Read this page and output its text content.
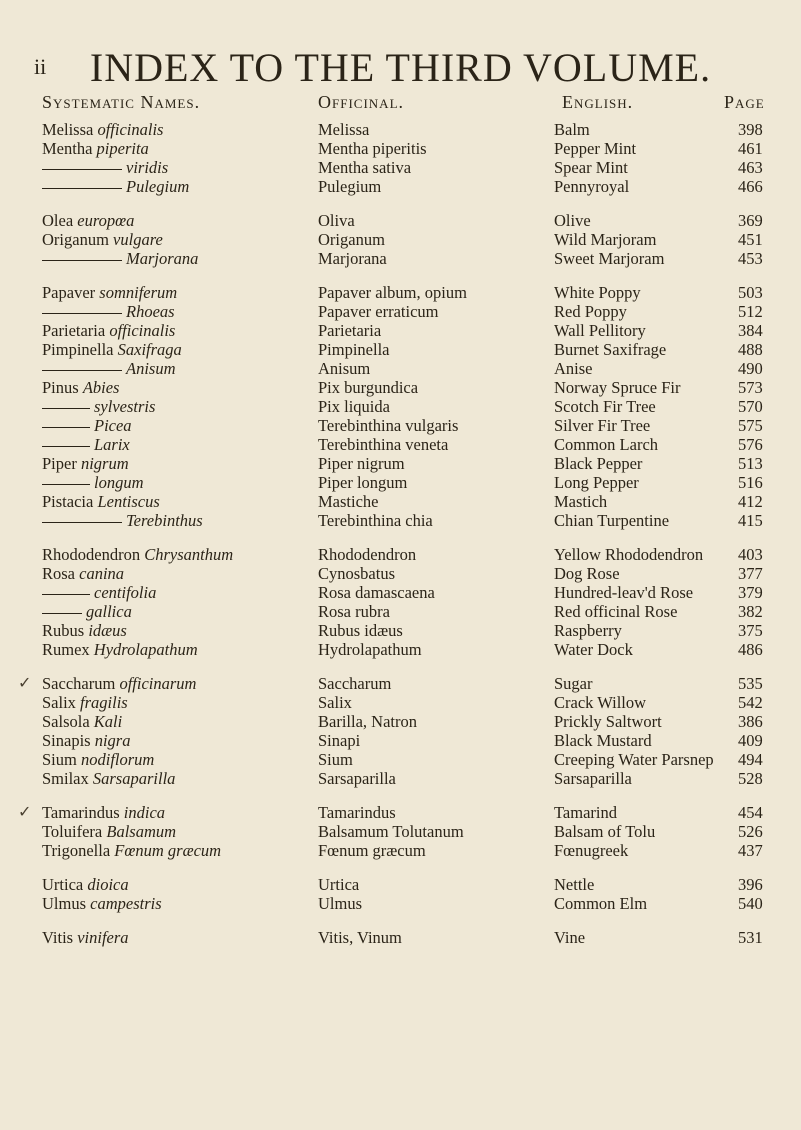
ii	INDEX TO THE THIRD VOLUME.
Systematic Names.	Officinal.	English.	Page
Melissa officinalis	Melissa	Balm	398
Mentha piperita	Mentha piperitis	Pepper Mint	461
viridis	Mentha sativa	Spear Mint	463
Pulegium	Pulegium	Pennyroyal	466
Olea europœa	Oliva	Olive	369
Origanum vulgare	Origanum	Wild Marjoram	451
Marjorana	Marjorana	Sweet Marjoram	453
Papaver somniferum	Papaver album, opium	White Poppy	503
Rhoeas	Papaver erraticum	Red Poppy	512
Parietaria officinalis	Parietaria	Wall Pellitory	384
Pimpinella Saxifraga	Pimpinella	Burnet Saxifrage	488
Anisum	Anisum	Anise	490
Pinus Abies	Pix burgundica	Norway Spruce Fir	573
sylvestris	Pix liquida	Scotch Fir Tree	570
Picea	Terebinthina vulgaris	Silver Fir Tree	575
Larix	Terebinthina veneta	Common Larch	576
Piper nigrum	Piper nigrum	Black Pepper	513
longum	Piper longum	Long Pepper	516
Pistacia Lentiscus	Mastiche	Mastich	412
Terebinthus	Terebinthina chia	Chian Turpentine	415
Rhododendron Chrysanthum	Rhododendron	Yellow Rhododendron 403
Rosa canina	Cynosbatus	Dog Rose	377
centifolia	Rosa damascaena	Hundred-leav'd Rose	379
gallica	Rosa rubra	Red officinal Rose	382
Rubus idæus	Rubus idæus	Raspberry	375
Rumex Hydrolapathum	Hydrolapathum	Water Dock	486
✓ Saccharum officinarum	Saccharum	Sugar	535
Salix fragilis	Salix	Crack Willow	542
Salsola Kali	Barilla, Natron	Prickly Saltwort	386
Sinapis nigra	Sinapi	Black Mustard	409
Sium nodiflorum	Sium	Creeping Water Parsnep 494
Smilax Sarsaparilla	Sarsaparilla	Sarsaparilla	528
✓ Tamarindus indica	Tamarindus	Tamarind	454
Toluifera Balsamum	Balsamum Tolutanum	Balsam of Tolu	526
Trigonella Fœnum græcum	Fœnum græcum	Fœnugreek	437
Urtica dioica	Urtica	Nettle	396
Ulmus campestris	Ulmus	Common Elm	540
Vitis vinifera	Vitis, Vinum	Vine	531
